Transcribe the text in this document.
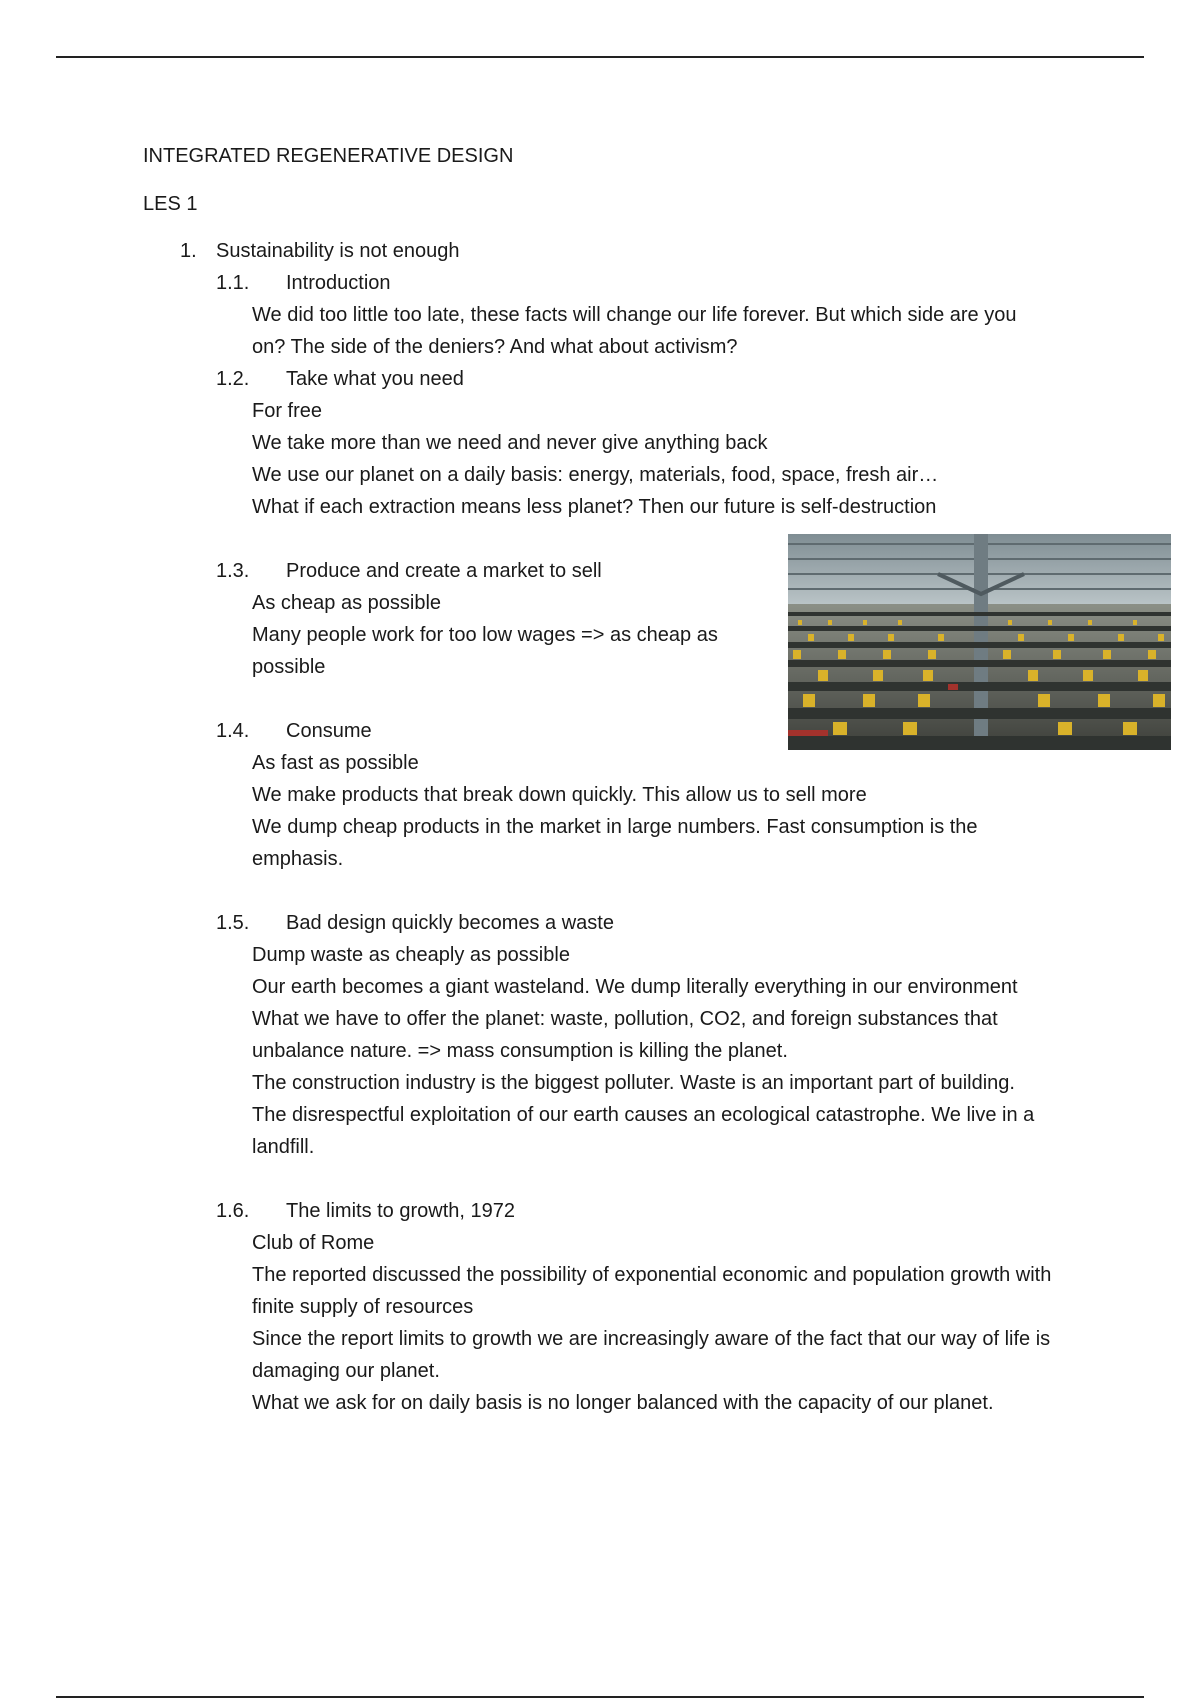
INTEGRATED REGENERATIVE DESIGN
LES 1
1. Sustainability is not enough
1.1. Introduction

We did too little too late, these facts will change our life forever. But which side are you on? The side of the deniers? And what about activism?

1.2. Take what you need

For free

We take more than we need and never give anything back

We use our planet on a daily basis: energy, materials, food, space, fresh air…

What if each extraction means less planet? Then our future is self-destruction

1.3. Produce and create a market to sell

As cheap as possible

Many people work for too low wages => as cheap as possible

1.4. Consume

As fast as possible

We make products that break down quickly. This allow us to sell more

We dump cheap products in the market in large numbers. Fast consumption is the emphasis.

1.5. Bad design quickly becomes a waste

Dump waste as cheaply as possible

Our earth becomes a giant wasteland. We dump literally everything in our environment

What we have to offer the planet: waste, pollution, CO2, and foreign substances that unbalance nature. => mass consumption is killing the planet.

The construction industry is the biggest polluter. Waste is an important part of building.

The disrespectful exploitation of our earth causes an ecological catastrophe. We live in a landfill.

1.6. The limits to growth, 1972

Club of Rome

The reported discussed the possibility of exponential economic and population growth with finite supply of resources

Since the report limits to growth we are increasingly aware of the fact that our way of life is damaging our planet.

What we ask for on daily basis is no longer balanced with the capacity of our planet.
